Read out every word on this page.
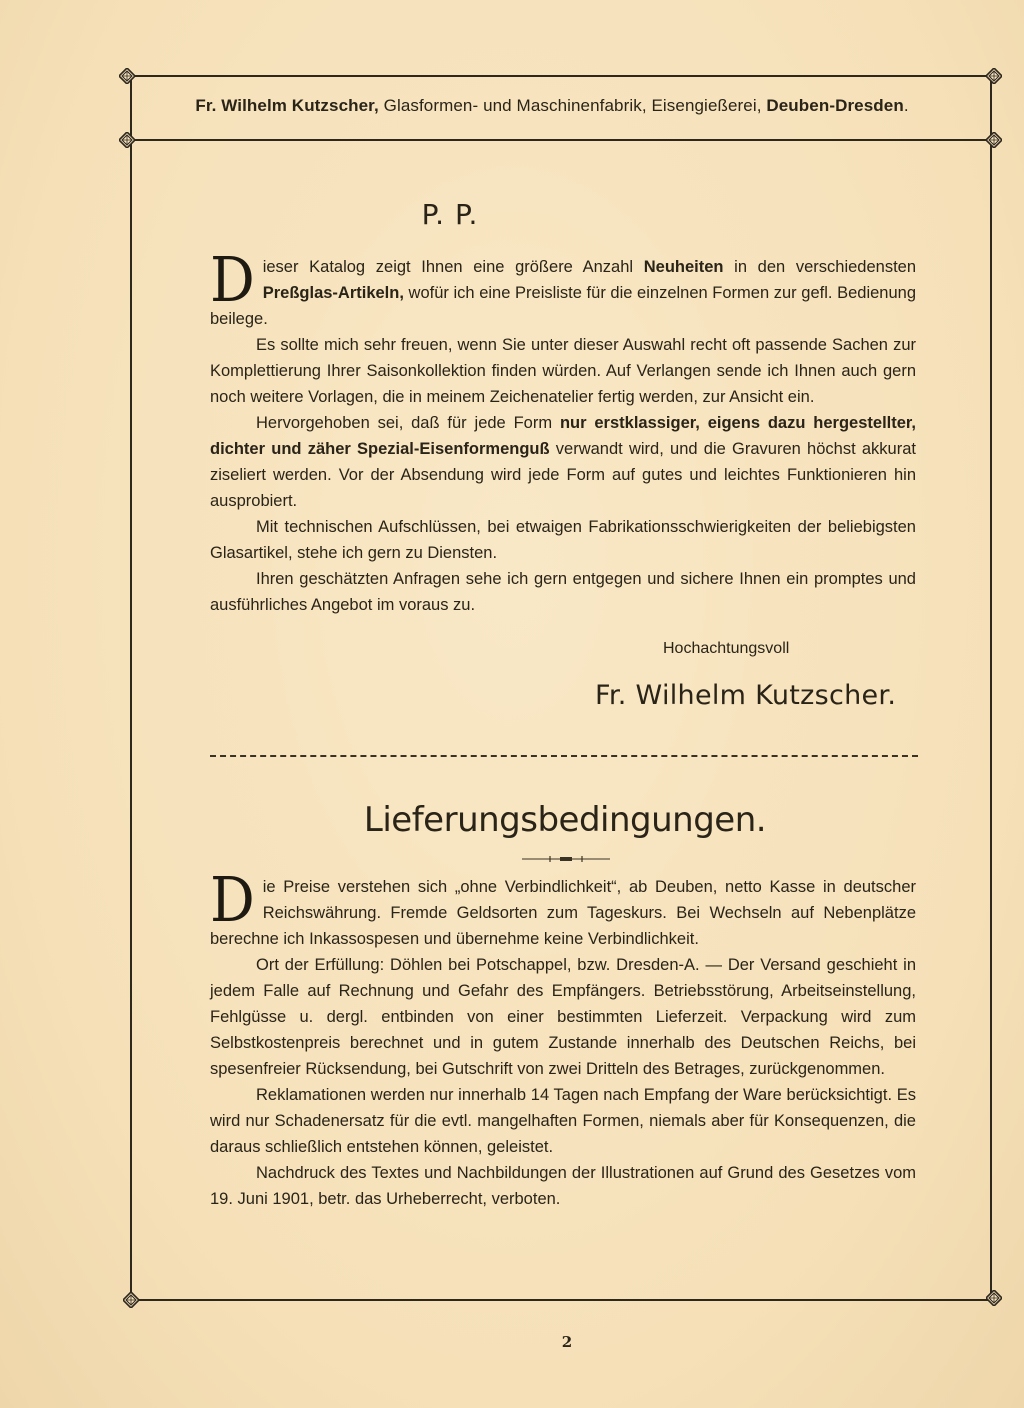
Fr. Wilhelm Kutzscher, Glasformen- und Maschinenfabrik, Eisengießerei, Deuben-Dresden.
P. P.

Dieser Katalog zeigt Ihnen eine größere Anzahl Neuheiten in den verschiedensten Preßglas-Artikeln, wofür ich eine Preisliste für die einzelnen Formen zur gefl. Bedienung beilege.

Es sollte mich sehr freuen, wenn Sie unter dieser Auswahl recht oft passende Sachen zur Komplettierung Ihrer Saisonkollektion finden würden. Auf Verlangen sende ich Ihnen auch gern noch weitere Vorlagen, die in meinem Zeichenatelier fertig werden, zur Ansicht ein.

Hervorgehoben sei, daß für jede Form nur erstklassiger, eigens dazu hergestellter, dichter und zäher Spezial-Eisenformenguß verwandt wird, und die Gravuren höchst akkurat ziseliert werden. Vor der Absendung wird jede Form auf gutes und leichtes Funktionieren hin ausprobiert.

Mit technischen Aufschlüssen, bei etwaigen Fabrikationsschwierigkeiten der beliebigsten Glasartikel, stehe ich gern zu Diensten.

Ihren geschätzten Anfragen sehe ich gern entgegen und sichere Ihnen ein promptes und ausführliches Angebot im voraus zu.

Hochachtungsvoll
Fr. Wilhelm Kutzscher.
Lieferungsbedingungen.

Die Preise verstehen sich „ohne Verbindlichkeit“, ab Deuben, netto Kasse in deutscher Reichswährung. Fremde Geldsorten zum Tageskurs. Bei Wechseln auf Nebenplätze berechne ich Inkassospesen und übernehme keine Verbindlichkeit.

Ort der Erfüllung: Döhlen bei Potschappel, bzw. Dresden-A. — Der Versand geschieht in jedem Falle auf Rechnung und Gefahr des Empfängers. Betriebsstörung, Arbeitseinstellung, Fehlgüsse u. dergl. entbinden von einer bestimmten Lieferzeit. Verpackung wird zum Selbstkostenpreis berechnet und in gutem Zustande innerhalb des Deutschen Reichs, bei spesenfreier Rücksendung, bei Gutschrift von zwei Dritteln des Betrages, zurückgenommen.

Reklamationen werden nur innerhalb 14 Tagen nach Empfang der Ware berücksichtigt. Es wird nur Schadenersatz für die evtl. mangelhaften Formen, niemals aber für Konsequenzen, die daraus schließlich entstehen können, geleistet.

Nachdruck des Textes und Nachbildungen der Illustrationen auf Grund des Gesetzes vom 19. Juni 1901, betr. das Urheberrecht, verboten.

2
